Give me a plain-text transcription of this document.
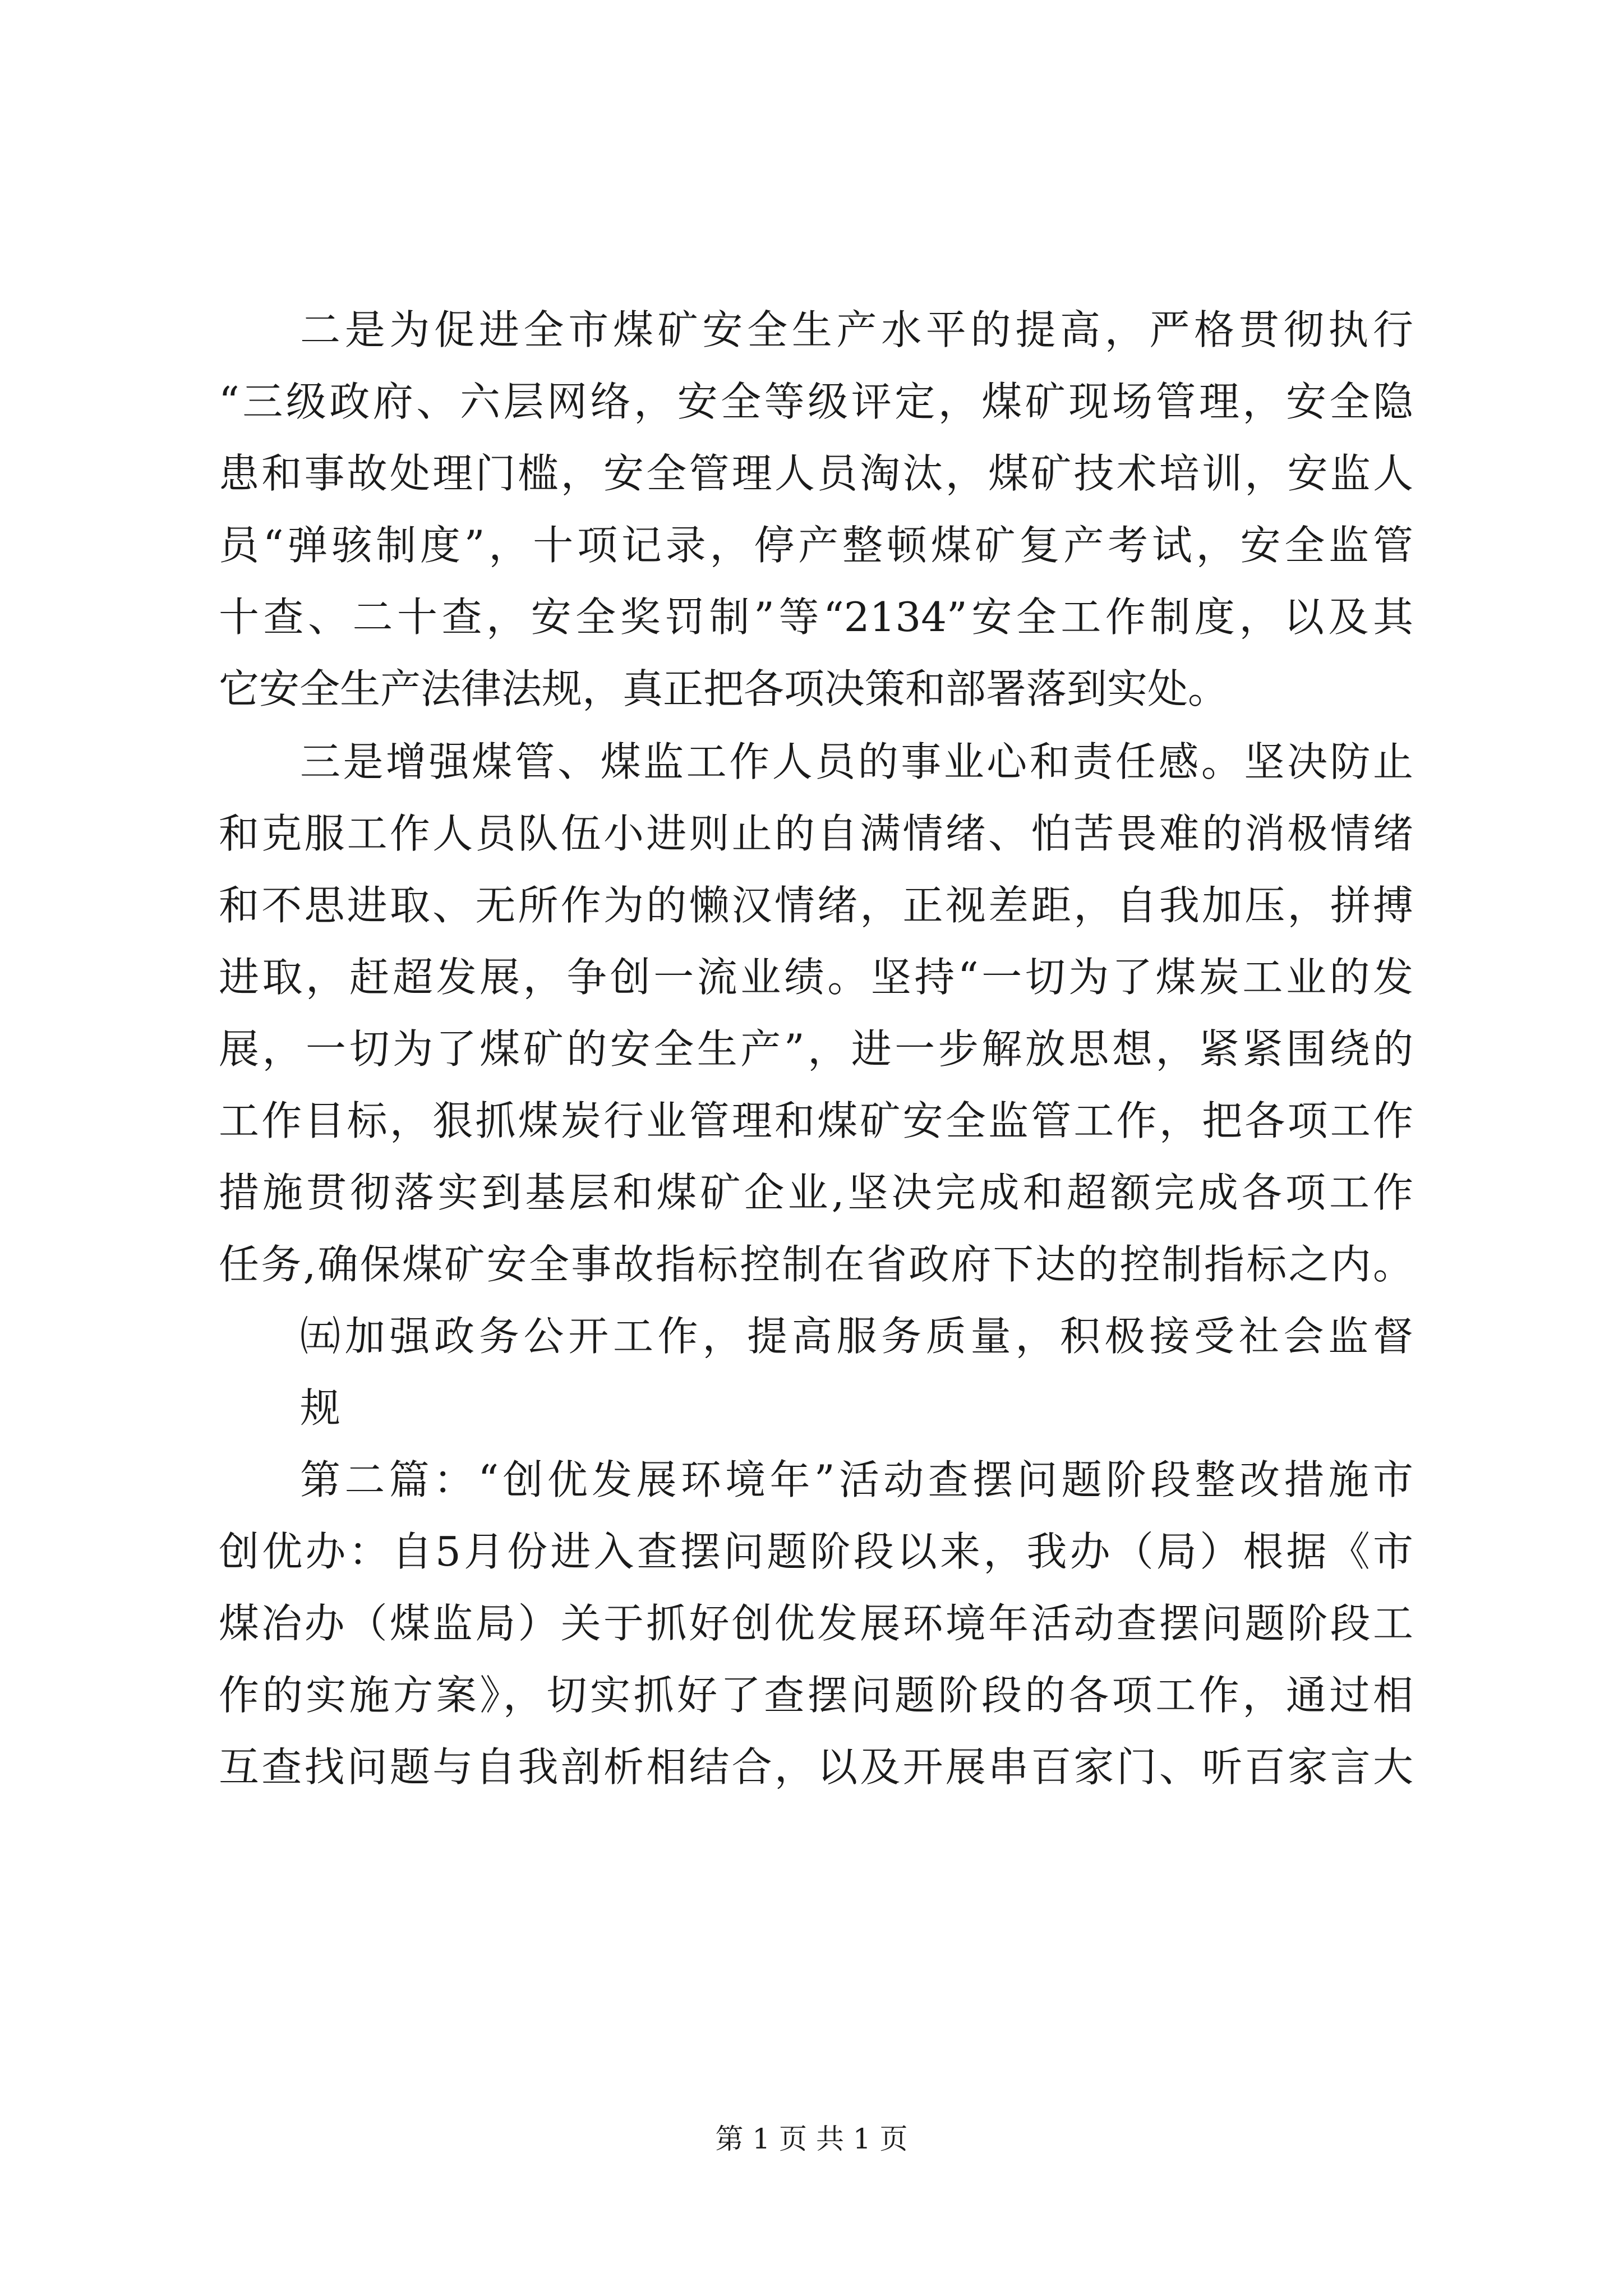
二是为促进全市煤矿安全生产水平的提高，严格贯彻执行
“三级政府、六层网络，安全等级评定，煤矿现场管理，安全隐
患和事故处理门槛，安全管理人员淘汰，煤矿技术培训，安监人
员“弹骇制度”，十项记录，停产整顿煤矿复产考试，安全监管
十查、二十查，安全奖罚制”等“2134”安全工作制度，以及其
它安全生产法律法规，真正把各项决策和部署落到实处。
三是增强煤管、煤监工作人员的事业心和责任感。坚决防止
和克服工作人员队伍小进则止的自满情绪、怕苦畏难的消极情绪
和不思进取、无所作为的懒汉情绪，正视差距，自我加压，拼搏
进取，赶超发展，争创一流业绩。坚持“一切为了煤炭工业的发
展，一切为了煤矿的安全生产”，进一步解放思想，紧紧围绕的
工作目标，狠抓煤炭行业管理和煤矿安全监管工作，把各项工作
措施贯彻落实到基层和煤矿企业,坚决完成和超额完成各项工作
任务,确保煤矿安全事故指标控制在省政府下达的控制指标之内。
㈤加强政务公开工作，提高服务质量，积极接受社会监督
规
第二篇：“创优发展环境年”活动查摆问题阶段整改措施市
创优办：自5月份进入查摆问题阶段以来，我办（局）根据《市
煤冶办（煤监局）关于抓好创优发展环境年活动查摆问题阶段工
作的实施方案》，切实抓好了查摆问题阶段的各项工作，通过相
互查找问题与自我剖析相结合，以及开展串百家门、听百家言大
第 1 页 共 1 页
